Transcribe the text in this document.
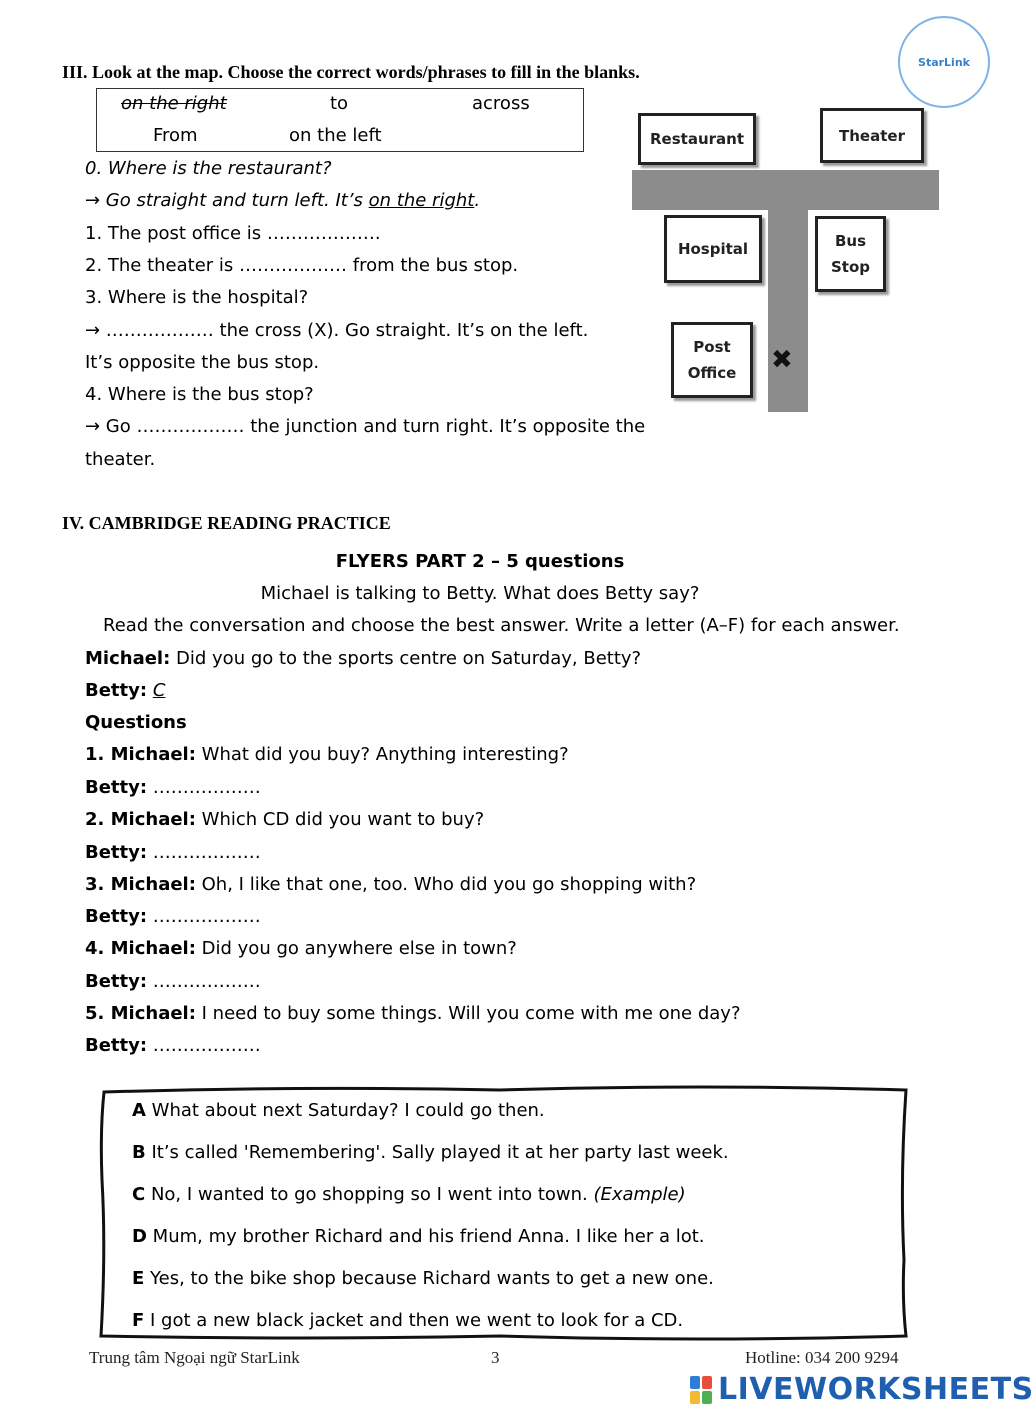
StarLink
III. Look at the map. Choose the correct words/phrases to fill in the blanks.
on the right	to	across
From	on the left
0. Where is the restaurant?
→ Go straight and turn left. It’s on the right.
1. The post office is ……………….
2. The theater is ……………… from the bus stop.
3. Where is the hospital?
→ ……………… the cross (X). Go straight. It’s on the left.
It’s opposite the bus stop.
4. Where is the bus stop?
→ Go ……………… the junction and turn right. It’s opposite the
theater.
Restaurant	Theater
Hospital	Bus
Stop
Post
Office ✖
IV. CAMBRIDGE READING PRACTICE
FLYERS PART 2 – 5 questions
Michael is talking to Betty. What does Betty say?
Read the conversation and choose the best answer. Write a letter (A–F) for each answer.
Michael: Did you go to the sports centre on Saturday, Betty?
Betty: C
Questions
1. Michael: What did you buy? Anything interesting?
Betty: ………………
2. Michael: Which CD did you want to buy?
Betty: ………………
3. Michael: Oh, I like that one, too. Who did you go shopping with?
Betty: ………………
4. Michael: Did you go anywhere else in town?
Betty: ………………
5. Michael: I need to buy some things. Will you come with me one day?
Betty: ………………
A What about next Saturday? I could go then.
B It’s called 'Remembering'. Sally played it at her party last week.
C No, I wanted to go shopping so I went into town. (Example)
D Mum, my brother Richard and his friend Anna. I like her a lot.
E Yes, to the bike shop because Richard wants to get a new one.
F I got a new black jacket and then we went to look for a CD.
Trung tâm Ngoại ngữ StarLink	3	Hotline: 034 200 9294
LIVEWORKSHEETS
